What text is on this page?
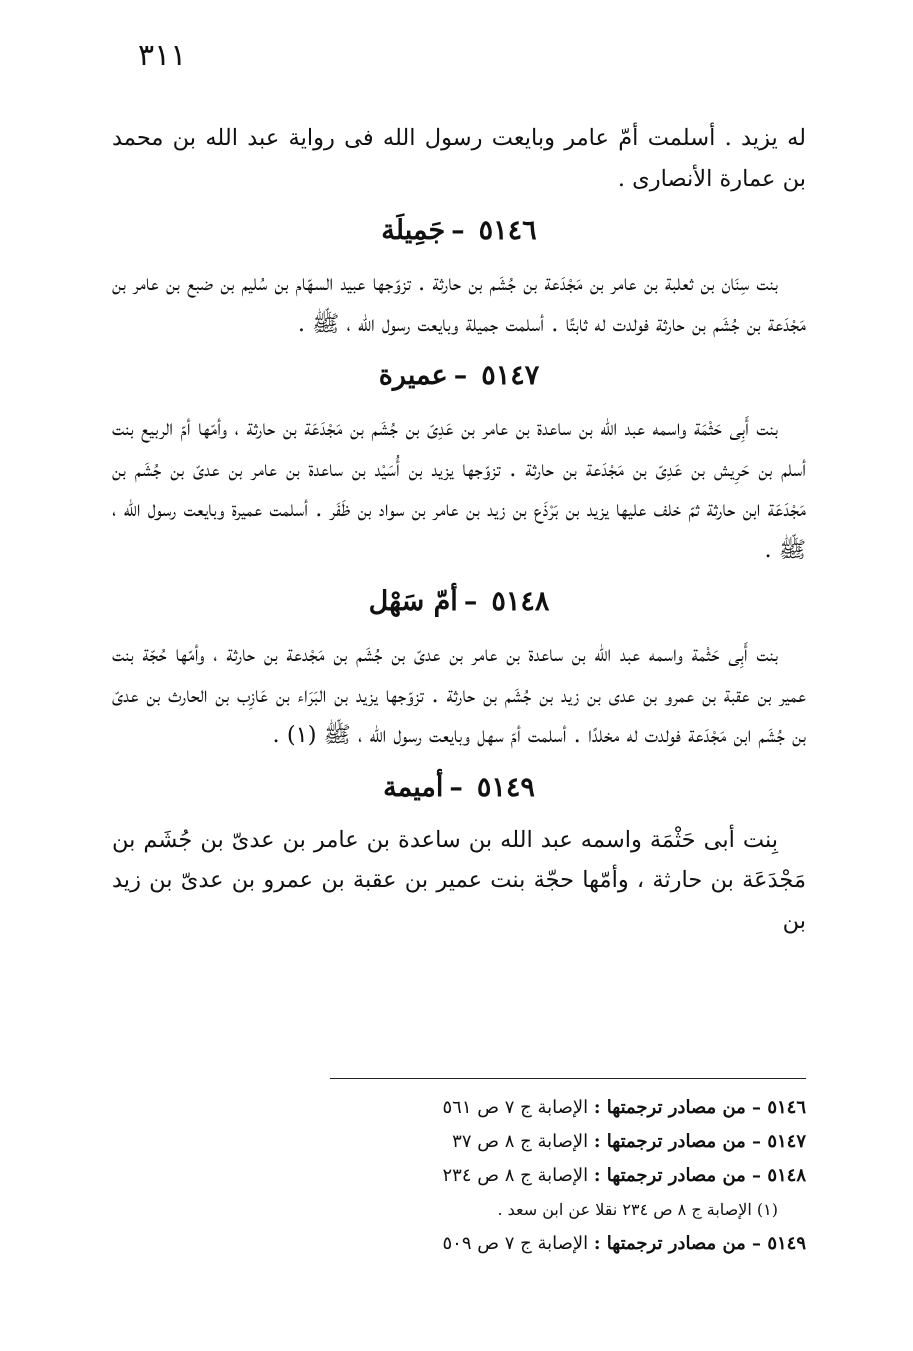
٣١١

له يزيد . أسلمت أمّ عامر وبايعت رسول الله فى رواية عبد الله بن محمد بن عمارة الأنصارى .

٥١٤٦–جَمِيلَة

بنت سِنَان بن ثعلبة بن عامر بن مَجْدَعة بن جُشَم بن حارثة . تزوّجها عبيد السهّام بن سُليم بن ضبع بن عامر بن مَجْدَعة بن جُشَم بن حارثة فولدت له ثابتًا . أسلمت جميلة وبايعت رسول الله ، ﷺ .

٥١٤٧–عميرة

بنت أَبِى حَثْمَة واسمه عبد الله بن ساعدة بن عامر بن عَدِىّ بن جُشَم بن مَجْدَعَة بن حارثة ، وأمّها أمّ الربيع بنت أسلم بن حَرِيش بن عَدِىّ بن مَجْدَعة بن حارثة . تزوّجها يزيد بن أُسَيْد بن ساعدة بن عامر بن عدىّ بن جُشَم بن مَجْدَعَة ابن حارثة ثمّ خلف عليها يزيد بن بَرْذَع بن زيد بن عامر بن سواد بن ظَفَر . أسلمت عميرة وبايعت رسول الله ، ﷺ .

٥١٤٨–أمّ سَهْل

بنت أَبِى حَثْمة واسمه عبد الله بن ساعدة بن عامر بن عدىّ بن جُشَم بن مَجْدعة بن حارثة ، وأمّها حُجّة بنت عمير بن عقبة بن عمرو بن عدى بن زيد بن جُشَم بن حارثة . تزوّجها يزيد بن البَرَاء بن عَازِب بن الحارث بن عدىّ بن جُشَم ابن مَجْدَعة فولدت له مخلدًا . أسلمت أمّ سهل وبايعت رسول الله ، ﷺ (١) .

٥١٤٩–أميمة

بِنت أبى حَثْمَة واسمه عبد الله بن ساعدة بن عامر بن عدىّ بن جُشَم بن مَجْدَعَة بن حارثة ، وأمّها حجّة بنت عمير بن عقبة بن عمرو بن عدىّ بن زيد بن

٥١٤٦ – من مصادر ترجمتها : الإصابة ج ٧ ص ٥٦١

٥١٤٧ – من مصادر ترجمتها : الإصابة ج ٨ ص ٣٧

٥١٤٨ – من مصادر ترجمتها : الإصابة ج ٨ ص ٢٣٤

(١) الإصابة ج ٨ ص ٢٣٤ نقلا عن ابن سعد .

٥١٤٩ – من مصادر ترجمتها : الإصابة ج ٧ ص ٥٠٩
